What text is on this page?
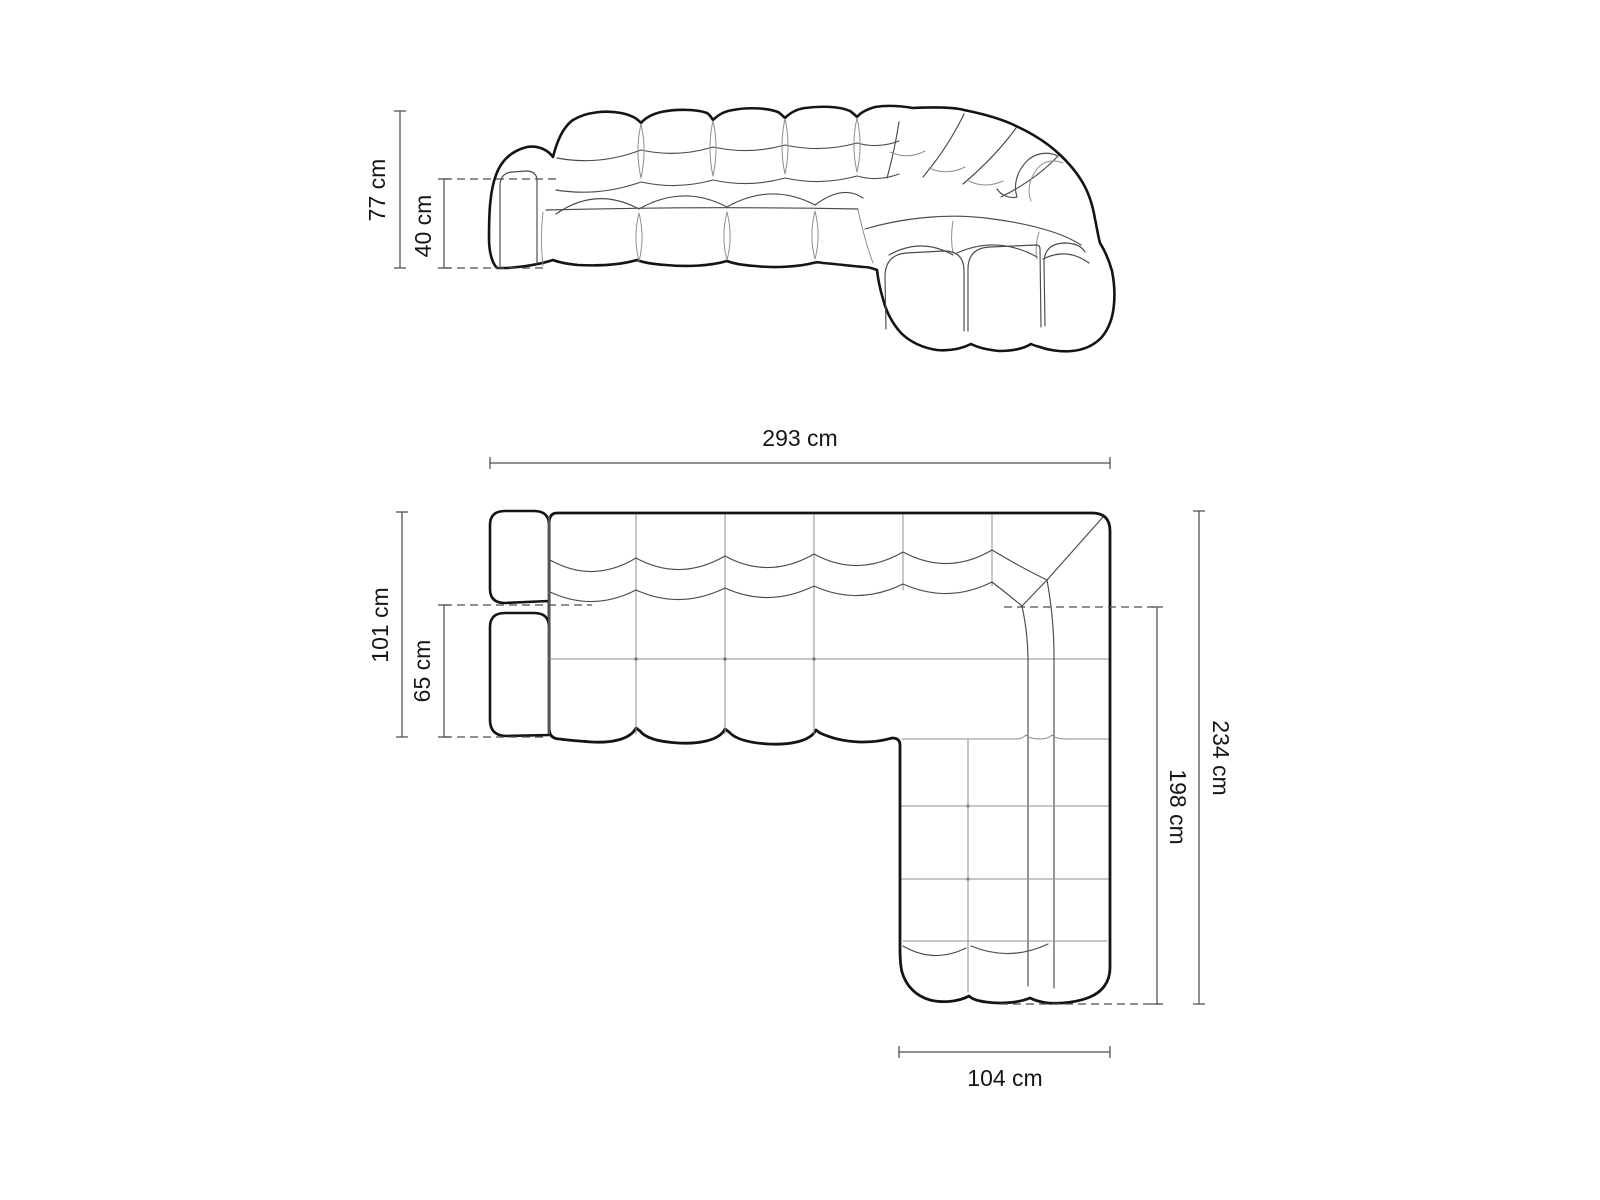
77 cm
40 cm
293 cm
101 cm
65 cm
234 cm
198 cm
104 cm
